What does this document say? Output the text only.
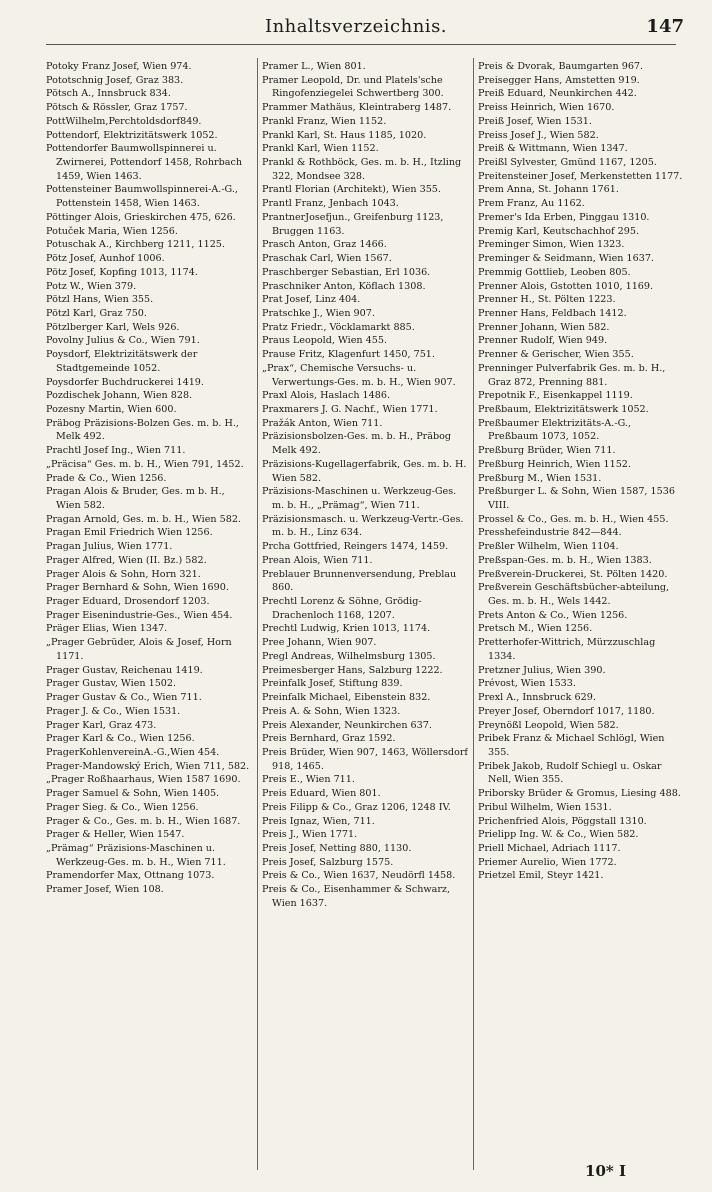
Inhaltsverzeichnis.	147
Potoky Franz Josef, Wien 974.
Pototschnig Josef, Graz 383.
Pötsch A., Innsbruck 834.
Pötsch & Rössler, Graz 1757.
PottWilhelm,Perchtoldsdorf849.
Pottendorf, Elektrizitätswerk 1052.
Pottendorfer Baumwollspinnerei u. Zwirnerei, Pottendorf 1458, Rohrbach 1459, Wien 1463.
Pottensteiner Baumwollspinnerei-A.-G., Pottenstein 1458, Wien 1463.
Pöttinger Alois, Grieskirchen 475, 626.
Potuček Maria, Wien 1256.
Potuschak A., Kirchberg 1211, 1125.
Pötz Josef, Aunhof 1006.
Pötz Josef, Kopfing 1013, 1174.
Potz W., Wien 379.
Pötzl Hans, Wien 355.
Pötzl Karl, Graz 750.
Pötzlberger Karl, Wels 926.
Povolny Julius & Co., Wien 791.
Poysdorf, Elektrizitätswerk der Stadtgemeinde 1052.
Poysdorfer Buchdruckerei 1419.
Pozdischek Johann, Wien 828.
Pozesny Martin, Wien 600.
Präbog Präzisions-Bolzen Ges. m. b. H., Melk 492.
Prachtl Josef Ing., Wien 711.
„Präcisa“ Ges. m. b. H., Wien 791, 1452.
Prade & Co., Wien 1256.
Pragan Alois & Bruder, Ges. m b. H., Wien 582.
Pragan Arnold, Ges. m. b. H., Wien 582.
Pragan Emil Friedrich Wien 1256.
Pragan Julius, Wien 1771.
Prager Alfred, Wien (II. Bz.) 582.
Prager Alois & Sohn, Horn 321.
Prager Bernhard & Sohn, Wien 1690.
Prager Eduard, Drosendorf 1203.
Prager Eisenindustrie-Ges., Wien 454.
Präger Elias, Wien 1347.
„Prager Gebrüder, Alois & Josef, Horn 1171.
Prager Gustav, Reichenau 1419.
Prager Gustav, Wien 1502.
Prager Gustav & Co., Wien 711.
Prager J. & Co., Wien 1531.
Prager Karl, Graz 473.
Prager Karl & Co., Wien 1256.
PragerKohlenvereinA.-G.,Wien 454.
Prager-Mandowský Erich, Wien 711, 582.
„Prager Roßhaarhaus, Wien 1587 1690.
Prager Samuel & Sohn, Wien 1405.
Prager Sieg. & Co., Wien 1256.
Prager & Co., Ges. m. b. H., Wien 1687.
Prager & Heller, Wien 1547.
„Prämag“ Präzisions-Maschinen u. Werkzeug-Ges. m. b. H., Wien 711.
Pramendorfer Max, Ottnang 1073.
Pramer Josef, Wien 108.
Pramer L., Wien 801.
Pramer Leopold, Dr. und Platels'sche Ringofenziegelei Schwertberg 300.
Prammer Mathäus, Kleintraberg 1487.
Prankl Franz, Wien 1152.
Prankl Karl, St. Haus 1185, 1020.
Prankl Karl, Wien 1152.
Prankl & Rothböck, Ges. m. b. H., Itzling 322, Mondsee 328.
Prantl Florian (Architekt), Wien 355.
Prantl Franz, Jenbach 1043.
PrantnerJosefjun., Greifenburg 1123, Bruggen 1163.
Prasch Anton, Graz 1466.
Praschak Carl, Wien 1567.
Praschberger Sebastian, Erl 1036.
Praschniker Anton, Köflach 1308.
Prat Josef, Linz 404.
Pratschke J., Wien 907.
Pratz Friedr., Vöcklamarkt 885.
Praus Leopold, Wien 455.
Prause Fritz, Klagenfurt 1450, 751.
„Prax“, Chemische Versuchs- u. Verwertungs-Ges. m. b. H., Wien 907.
Praxl Alois, Haslach 1486.
Praxmarers J. G. Nachf., Wien 1771.
Pražák Anton, Wien 711.
Präzisionsbolzen-Ges. m. b. H., Präbog Melk 492.
Präzisions-Kugellagerfabrik, Ges. m. b. H. Wien 582.
Präzisions-Maschinen u. Werkzeug-Ges. m. b. H., „Prämag“, Wien 711.
Präzisionsmasch. u. Werkzeug-Vertr.-Ges. m. b. H., Linz 634.
Prcha Gottfried, Reingers 1474, 1459.
Prean Alois, Wien 711.
Preblauer Brunnenversendung, Preblau 860.
Prechtl Lorenz & Söhne, Grödig-Drachenloch 1168, 1207.
Prechtl Ludwig, Krien 1013, 1174.
Pree Johann, Wien 907.
Pregl Andreas, Wilhelmsburg 1305.
Preimesberger Hans, Salzburg 1222.
Preinfalk Josef, Stiftung 839.
Preinfalk Michael, Eibenstein 832.
Preis A. & Sohn, Wien 1323.
Preis Alexander, Neunkirchen 637.
Preis Bernhard, Graz 1592.
Preis Brüder, Wien 907, 1463, Wöllersdorf 918, 1465.
Preis E., Wien 711.
Preis Eduard, Wien 801.
Preis Filipp & Co., Graz 1206, 1248 IV.
Preis Ignaz, Wien, 711.
Preis J., Wien 1771.
Preis Josef, Netting 880, 1130.
Preis Josef, Salzburg 1575.
Preis & Co., Wien 1637, Neudörfl 1458.
Preis & Co., Eisenhammer & Schwarz, Wien 1637.
Preis & Dvorak, Baumgarten 967.
Preisegger Hans, Amstetten 919.
Preiß Eduard, Neunkirchen 442.
Preiss Heinrich, Wien 1670.
Preiß Josef, Wien 1531.
Preiss Josef J., Wien 582.
Preiß & Wittmann, Wien 1347.
Preißl Sylvester, Gmünd 1167, 1205.
Preitensteiner Josef, Merkenstetten 1177.
Prem Anna, St. Johann 1761.
Prem Franz, Au 1162.
Premer's Ida Erben, Pinggau 1310.
Premig Karl, Keutschachhof 295.
Preminger Simon, Wien 1323.
Preminger & Seidmann, Wien 1637.
Premmig Gottlieb, Leoben 805.
Prenner Alois, Gstotten 1010, 1169.
Prenner H., St. Pölten 1223.
Prenner Hans, Feldbach 1412.
Prenner Johann, Wien 582.
Prenner Rudolf, Wien 949.
Prenner & Gerischer, Wien 355.
Prenninger Pulverfabrik Ges. m. b. H., Graz 872, Prenning 881.
Prepotnik F., Eisenkappel 1119.
Preßbaum, Elektrizitätswerk 1052.
Preßbaumer Elektrizitäts-A.-G., Preßbaum 1073, 1052.
Preßburg Brüder, Wien 711.
Preßburg Heinrich, Wien 1152.
Preßburg M., Wien 1531.
Preßburger L. & Sohn, Wien 1587, 1536 VIII.
Prossel & Co., Ges. m. b. H., Wien 455.
Presshefeindustrie 842—844.
Preßler Wilhelm, Wien 1104.
Preßspan-Ges. m. b. H., Wien 1383.
Preßverein-Druckerei, St. Pölten 1420.
Preßverein Geschäftsbücher-abteilung, Ges. m. b. H., Wels 1442.
Prets Anton & Co., Wien 1256.
Pretsch M., Wien 1256.
Pretterhofer-Wittrich, Mürzzuschlag 1334.
Pretzner Julius, Wien 390.
Prévost, Wien 1533.
Prexl A., Innsbruck 629.
Preyer Josef, Oberndorf 1017, 1180.
Preynößl Leopold, Wien 582.
Pribek Franz & Michael Schlögl, Wien 355.
Pribek Jakob, Rudolf Schiegl u. Oskar Nell, Wien 355.
Priborsky Brüder & Gromus, Liesing 488.
Pribul Wilhelm, Wien 1531.
Prichenfried Alois, Pöggstall 1310.
Prielipp Ing. W. & Co., Wien 582.
Priell Michael, Adriach 1117.
Priemer Aurelio, Wien 1772.
Prietzel Emil, Steyr 1421.
10* I
